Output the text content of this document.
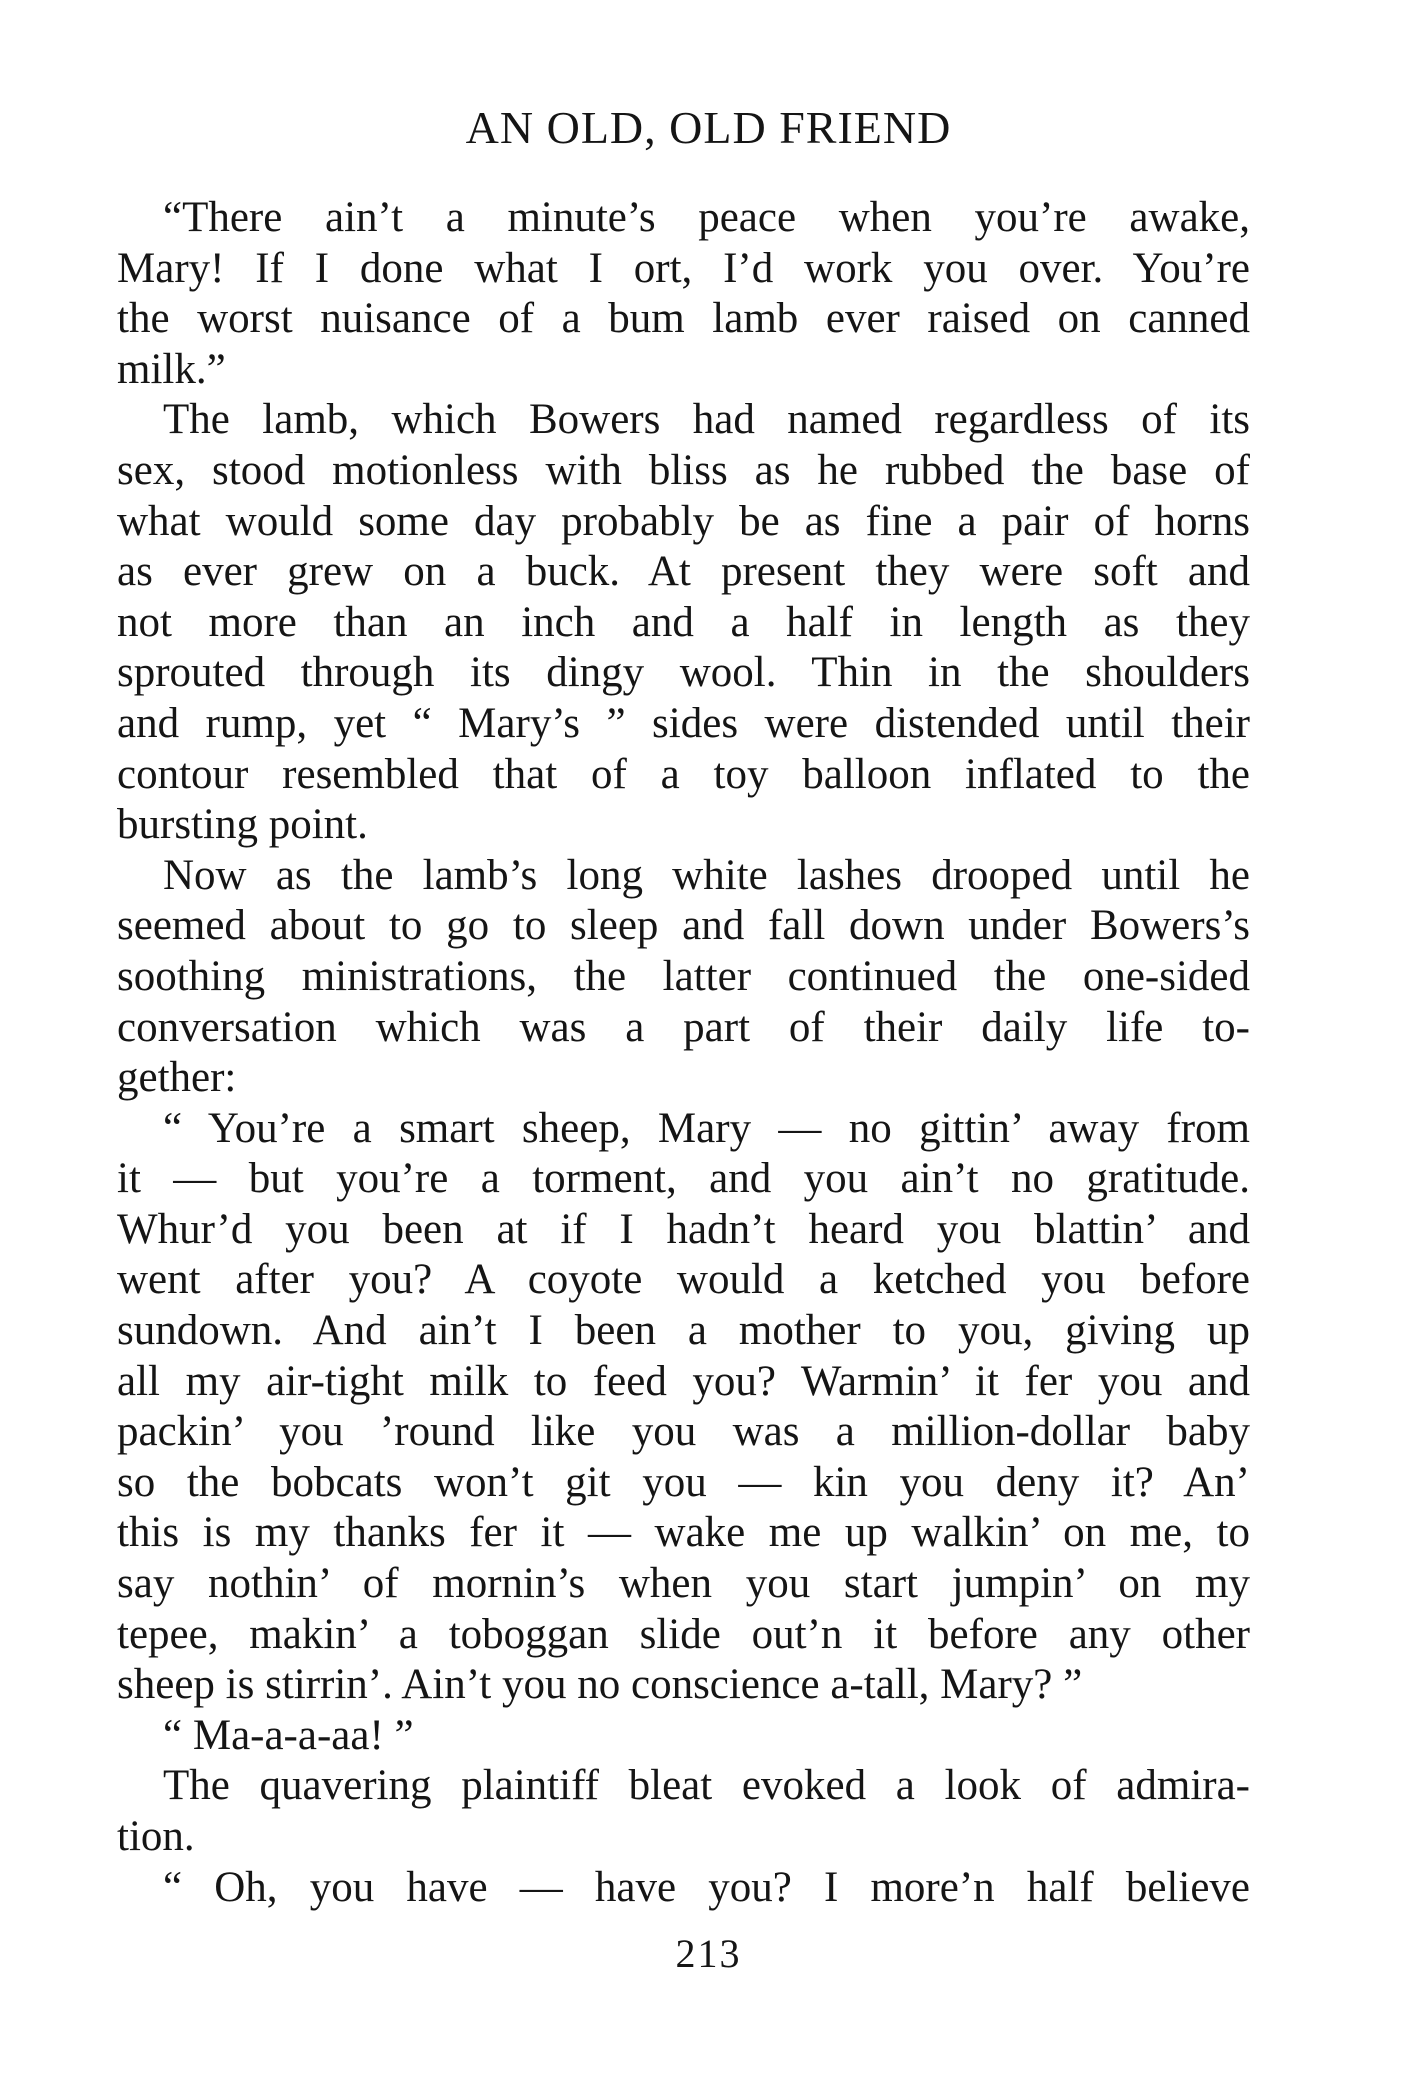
AN OLD, OLD FRIEND
“There ain’t a minute’s peace when you’re awake,
Mary! If I done what I ort, I’d work you over. You’re
the worst nuisance of a bum lamb ever raised on canned
milk.”
The lamb, which Bowers had named regardless of its
sex, stood motionless with bliss as he rubbed the base of
what would some day probably be as fine a pair of horns
as ever grew on a buck. At present they were soft and
not more than an inch and a half in length as they
sprouted through its dingy wool. Thin in the shoulders
and rump, yet “ Mary’s ” sides were distended until their
contour resembled that of a toy balloon inflated to the
bursting point.
Now as the lamb’s long white lashes drooped until he
seemed about to go to sleep and fall down under Bowers’s
soothing ministrations, the latter continued the one-sided
conversation which was a part of their daily life to-
gether:
“ You’re a smart sheep, Mary — no gittin’ away from
it — but you’re a torment, and you ain’t no gratitude.
Whur’d you been at if I hadn’t heard you blattin’ and
went after you? A coyote would a ketched you before
sundown. And ain’t I been a mother to you, giving up
all my air-tight milk to feed you? Warmin’ it fer you and
packin’ you ’round like you was a million-dollar baby
so the bobcats won’t git you — kin you deny it? An’
this is my thanks fer it — wake me up walkin’ on me, to
say nothin’ of mornin’s when you start jumpin’ on my
tepee, makin’ a toboggan slide out’n it before any other
sheep is stirrin’. Ain’t you no conscience a-tall, Mary? ”
“ Ma-a-a-aa! ”
The quavering plaintiff bleat evoked a look of admira-
tion.
“ Oh, you have — have you? I more’n half believe
213
